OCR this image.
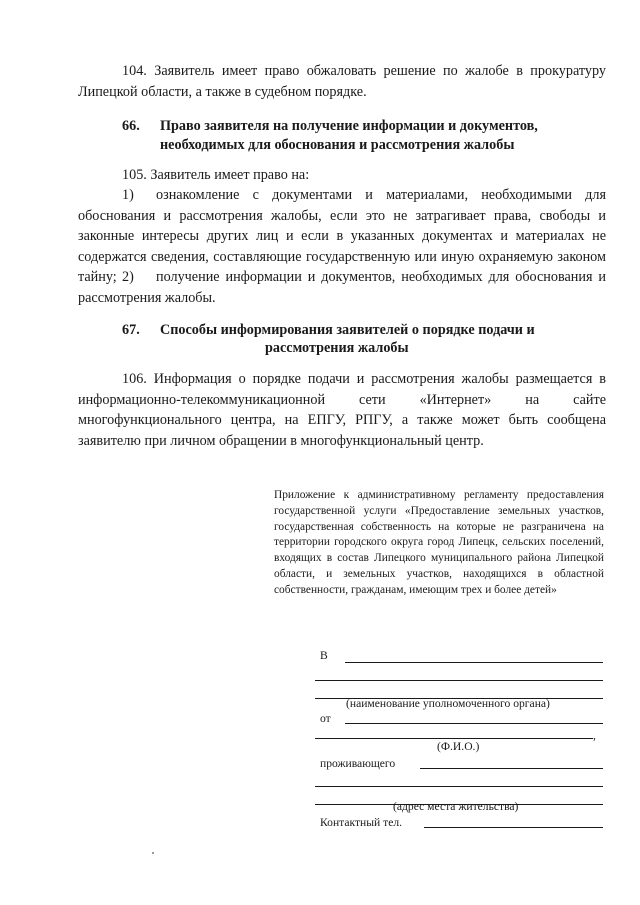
104. Заявитель имеет право обжаловать решение по жалобе в прокуратуру Липецкой области, а также в судебном порядке.
66. Право заявителя на получение информации и документов,
необходимых для обоснования и рассмотрения жалобы
105. Заявитель имеет право на:
1) ознакомление с документами и материалами, необходимыми для обоснования и рассмотрения жалобы, если это не затрагивает права, свободы и законные интересы других лиц и если в указанных документах и материалах не содержатся сведения, составляющие государственную или иную охраняемую законом тайну; 2) получение информации и документов, необходимых для обоснования и рассмотрения жалобы.
67. Способы информирования заявителей о порядке подачи и
рассмотрения жалобы
106. Информация о порядке подачи и рассмотрения жалобы размещается в информационно-телекоммуникационной сети «Интернет» на сайте многофункционального центра, на ЕПГУ, РПГУ, а также может быть сообщена заявителю при личном обращении в многофункциональный центр.
Приложение к административному регламенту предоставления государственной услуги «Предоставление земельных участков, государственная собственность на которые не разграничена на территории городского округа город Липецк, сельских поселений, входящих в состав Липецкого муниципального района Липецкой области, и земельных участков, находящихся в областной собственности, гражданам, имеющим трех и более детей»
В
(наименование уполномоченного органа)
от
,
(Ф.И.О.)
проживающего
(адрес места жительства)
Контактный тел.
